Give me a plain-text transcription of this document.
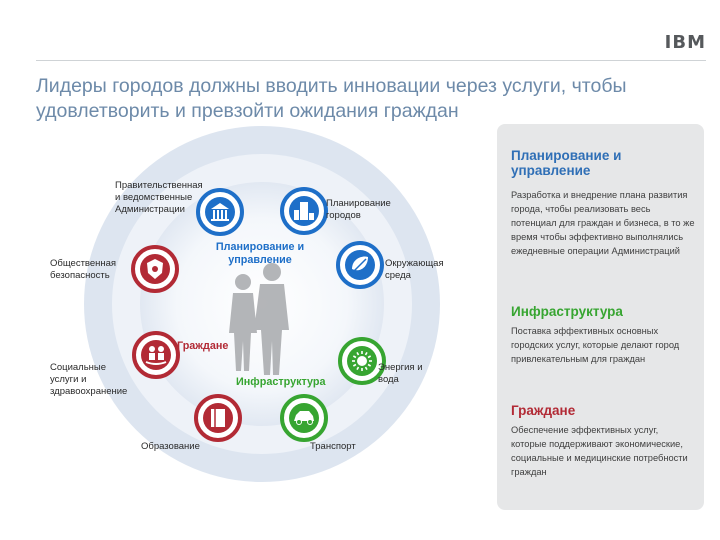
IBM
Лидеры городов должны вводить инновации через услуги, чтобы удовлетворить и превзойти ожидания граждан
Планирование и управление
Инфраструктура
Граждане
Правительственная
и ведомственные
Администрации
Планирование
городов
Окружающая
среда
Энергия и
вода
Транспорт
Образование
Социальные
услуги и
здравоохранение
Общественная
безопасность
Планирование и управление
Разработка и внедрение плана развития города, чтобы реализовать весь потенциал для граждан и бизнеса, в то же время чтобы эффективно выполнялись ежедневные операции Администраций
Инфраструктура
Поставка эффективных основных городских услуг, которые делают город привлекательным для граждан
Граждане
Обеспечение эффективных услуг, которые поддерживают экономические, социальные и медицинские потребности граждан
